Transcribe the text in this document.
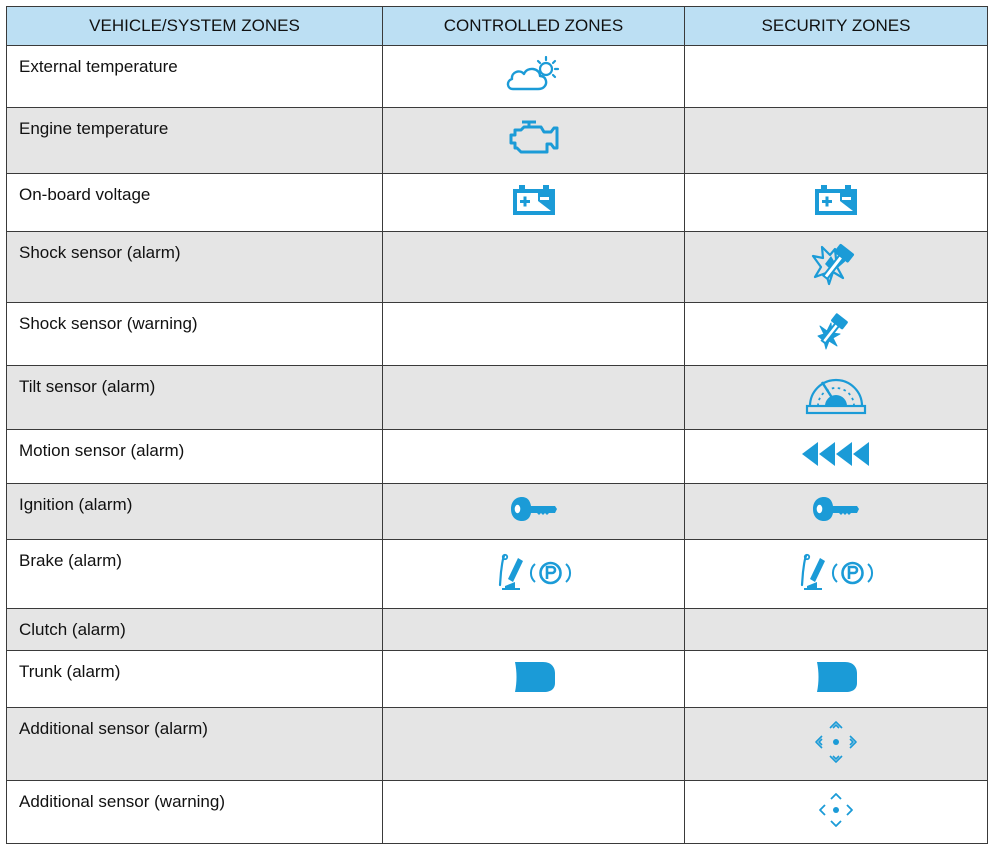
VEHICLE/SYSTEM ZONES	CONTROLLED ZONES	SECURITY ZONES
External temperature	

Engine temperature	

On-board voltage	

Shock sensor (alarm)		

Shock sensor (warning)		

Tilt sensor (alarm)		

Motion sensor (alarm)		

Ignition (alarm)	

Brake (alarm)	

Clutch (alarm)		
Trunk (alarm)	

Additional sensor (alarm)		

Additional sensor (warning)		
